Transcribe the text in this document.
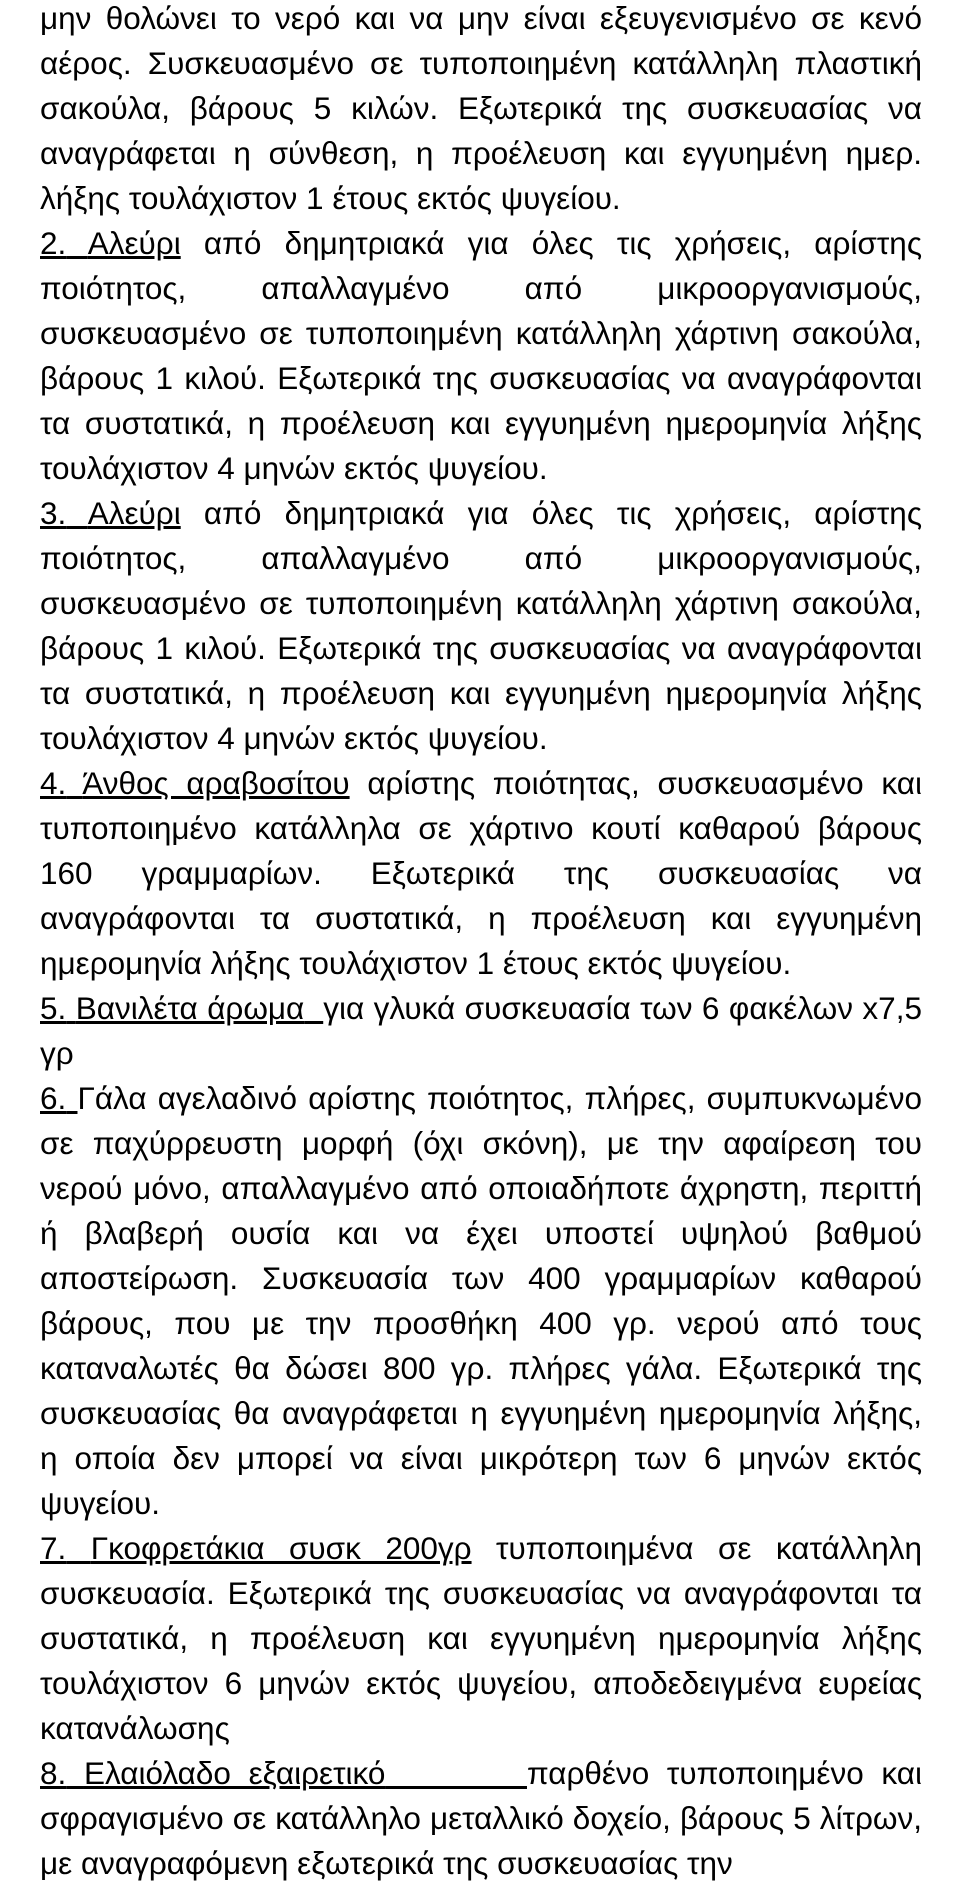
μην θολώνει το νερό και να μην είναι εξευγενισμένο σε κενό αέρος. Συσκευασμένο σε τυποποιημένη κατάλληλη πλαστική σακούλα, βάρους 5 κιλών. Εξωτερικά της συσκευασίας να αναγράφεται η σύνθεση, η προέλευση και εγγυημένη ημερ. λήξης τουλάχιστον 1 έτους εκτός ψυγείου.

2. Αλεύρι από δημητριακά για όλες τις χρήσεις, αρίστης ποιότητος, απαλλαγμένο από μικροοργανισμούς, συσκευασμένο σε τυποποιημένη κατάλληλη χάρτινη σακούλα, βάρους 1 κιλού. Εξωτερικά της συσκευασίας να αναγράφονται τα συστατικά, η προέλευση και εγγυημένη ημερομηνία λήξης τουλάχιστον 4 μηνών εκτός ψυγείου.

3. Αλεύρι από δημητριακά για όλες τις χρήσεις, αρίστης ποιότητος, απαλλαγμένο από μικροοργανισμούς, συσκευασμένο σε τυποποιημένη κατάλληλη χάρτινη σακούλα, βάρους 1 κιλού. Εξωτερικά της συσκευασίας να αναγράφονται τα συστατικά, η προέλευση και εγγυημένη ημερομηνία λήξης τουλάχιστον 4 μηνών εκτός ψυγείου.

4. Άνθος αραβοσίτου αρίστης ποιότητας, συσκευασμένο και τυποποιημένο κατάλληλα σε χάρτινο κουτί καθαρού βάρους 160 γραμμαρίων. Εξωτερικά της συσκευασίας να αναγράφονται τα συστατικά, η προέλευση και εγγυημένη ημερομηνία λήξης τουλάχιστον 1 έτους εκτός ψυγείου.

5. Βανιλέτα άρωμα για γλυκά συσκευασία των 6 φακέλων x7,5 γρ

6. Γάλα αγελαδινό αρίστης ποιότητος, πλήρες, συμπυκνωμένο σε παχύρρευστη μορφή (όχι σκόνη), με την αφαίρεση του νερού μόνο, απαλλαγμένο από οποιαδήποτε άχρηστη, περιττή ή βλαβερή ουσία και να έχει υποστεί υψηλού βαθμού αποστείρωση. Συσκευασία των 400 γραμμαρίων καθαρού βάρους, που με την προσθήκη 400 γρ. νερού από τους καταναλωτές θα δώσει 800 γρ. πλήρες γάλα. Εξωτερικά της συσκευασίας θα αναγράφεται η εγγυημένη ημερομηνία λήξης, η οποία δεν μπορεί να είναι μικρότερη των 6 μηνών εκτός ψυγείου.

7. Γκοφρετάκια συσκ 200γρ τυποποιημένα σε κατάλληλη συσκευασία. Εξωτερικά της συσκευασίας να αναγράφονται τα συστατικά, η προέλευση και εγγυημένη ημερομηνία λήξης τουλάχιστον 6 μηνών εκτός ψυγείου, αποδεδειγμένα ευρείας κατανάλωσης

8. Ελαιόλαδο εξαιρετικό	παρθένο τυποποιημένο και σφραγισμένο σε κατάλληλο μεταλλικό δοχείο, βάρους 5 λίτρων, με αναγραφόμενη εξωτερικά της συσκευασίας την
